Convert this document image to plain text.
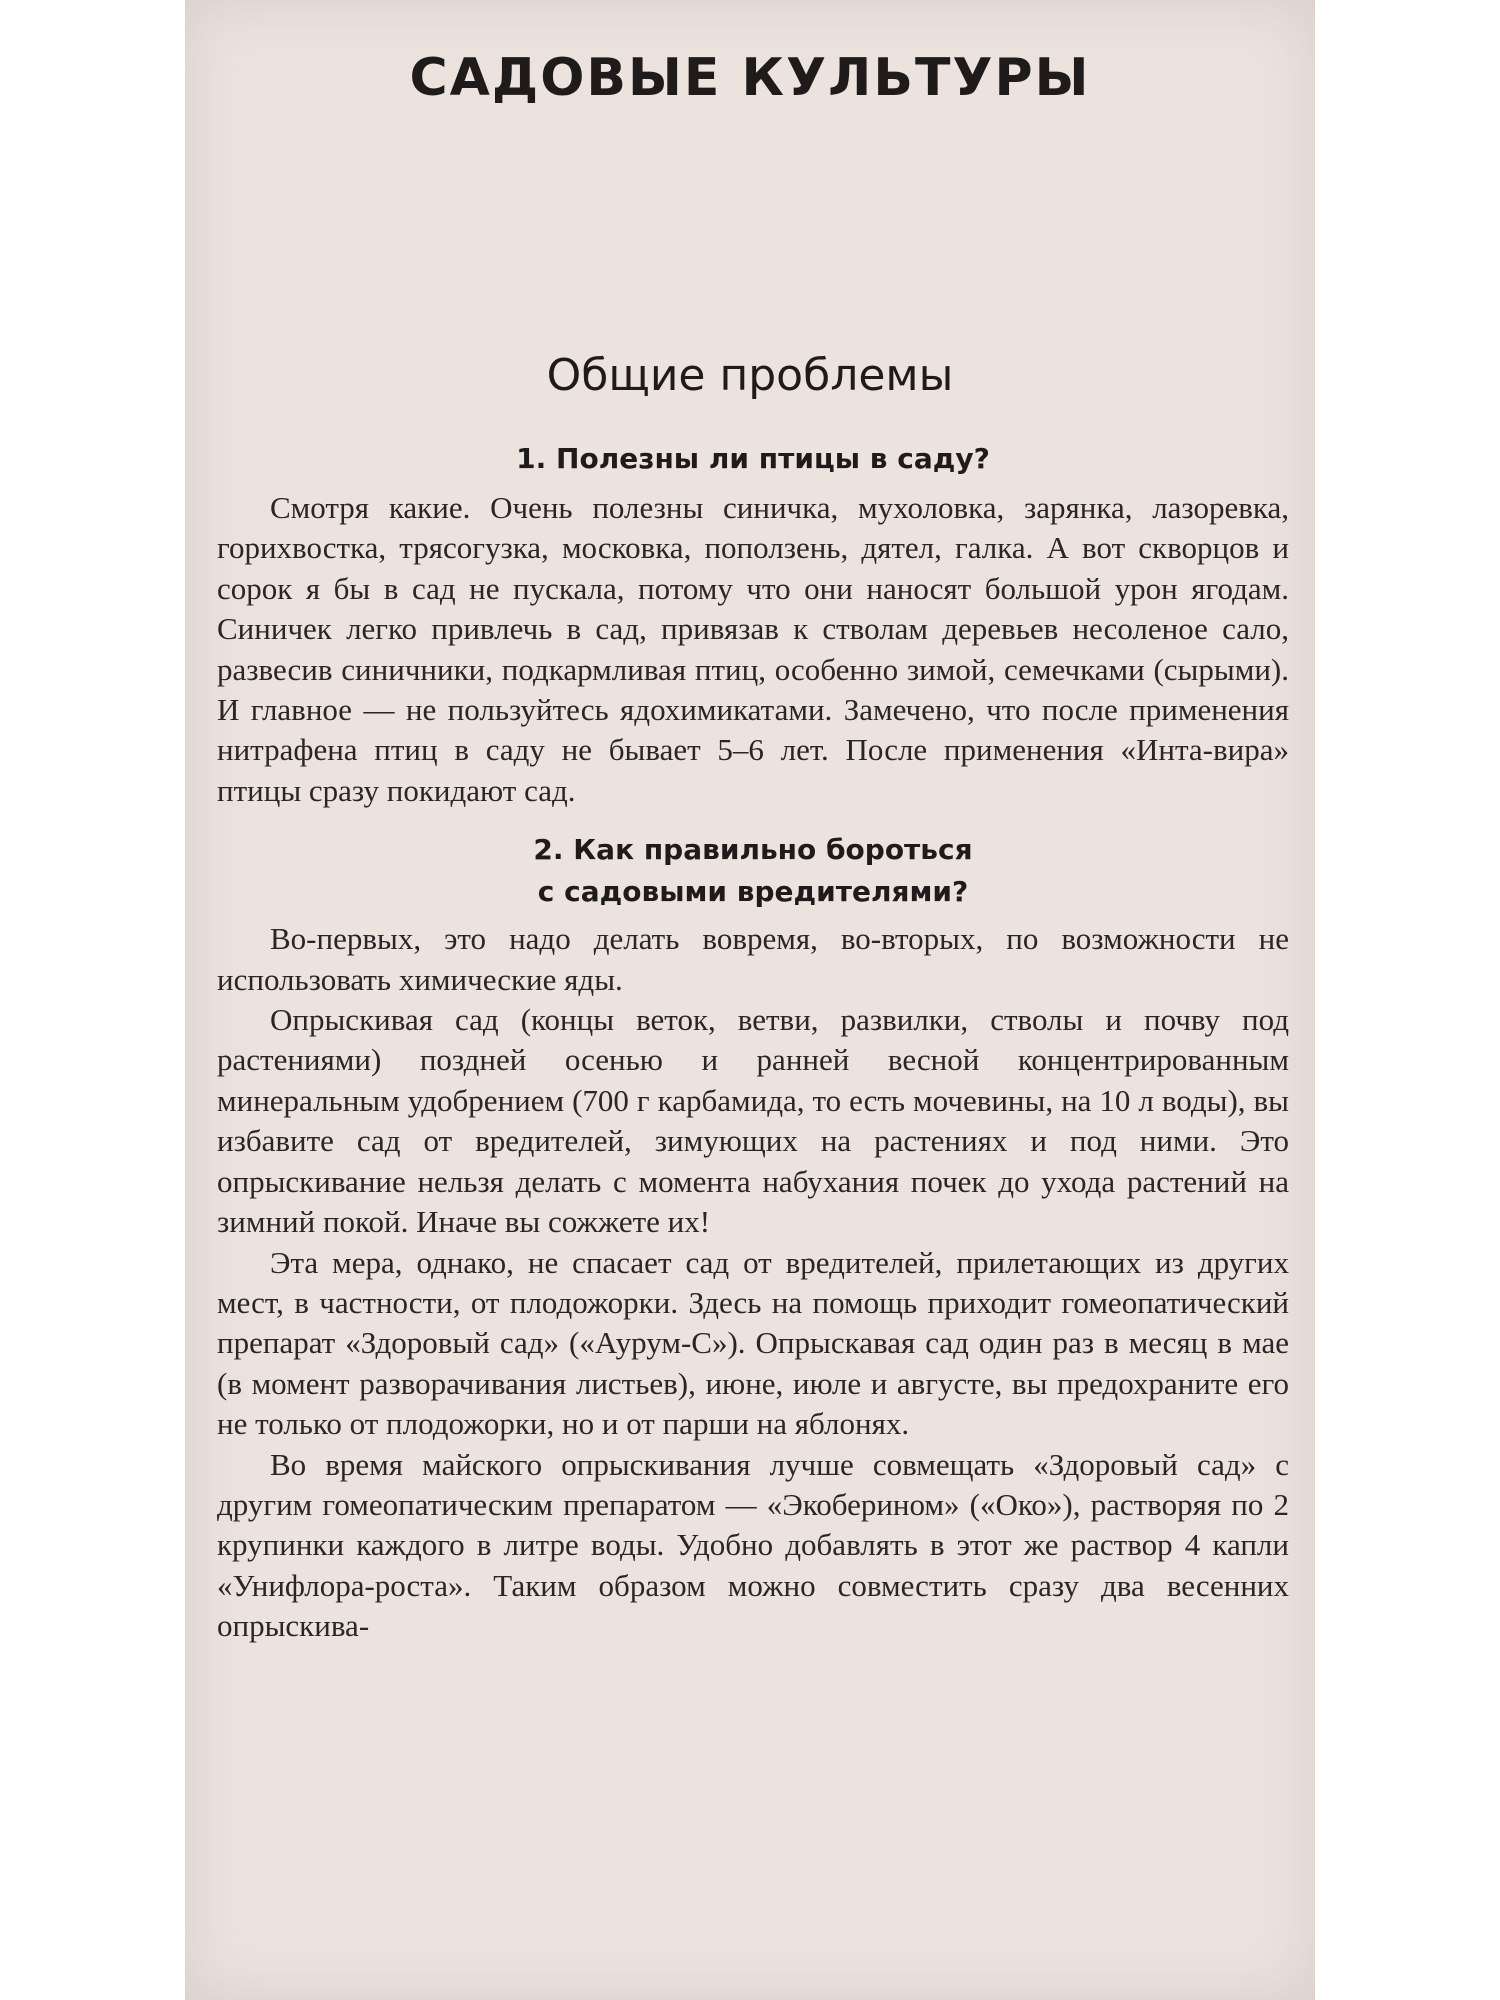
САДОВЫЕ КУЛЬТУРЫ
Общие проблемы
1. Полезны ли птицы в саду?

Смотря какие. Очень полезны синичка, мухоловка, зарянка, лазоревка, горихвостка, трясогузка, московка, поползень, дятел, галка. А вот скворцов и сорок я бы в сад не пускала, потому что они наносят большой урон ягодам. Синичек легко привлечь в сад, привязав к стволам деревьев несоленое сало, развесив синичники, подкармливая птиц, особенно зимой, семечками (сырыми). И главное — не пользуйтесь ядохимикатами. Замечено, что после применения нитрафена птиц в саду не бывает 5–6 лет. После применения «Инта-вира» птицы сразу покидают сад.

2. Как правильно бороться
с садовыми вредителями?

Во-первых, это надо делать вовремя, во-вторых, по возможности не использовать химические яды.

Опрыскивая сад (концы веток, ветви, развилки, стволы и почву под растениями) поздней осенью и ранней весной концентрированным минеральным удобрением (700 г карбамида, то есть мочевины, на 10 л воды), вы избавите сад от вредителей, зимующих на растениях и под ними. Это опрыскивание нельзя делать с момента набухания почек до ухода растений на зимний покой. Иначе вы сожжете их!

Эта мера, однако, не спасает сад от вредителей, прилетающих из других мест, в частности, от плодожорки. Здесь на помощь приходит гомеопатический препарат «Здоровый сад» («Аурум-С»). Опрыскавая сад один раз в месяц в мае (в момент разворачивания листьев), июне, июле и августе, вы предохраните его не только от плодожорки, но и от парши на яблонях.

Во время майского опрыскивания лучше совмещать «Здоровый сад» с другим гомеопатическим препаратом — «Экоберином» («Око»), растворяя по 2 крупинки каждого в литре воды. Удобно добавлять в этот же раствор 4 капли «Унифлора-роста». Таким образом можно совместить сразу два весенних опрыскива-
